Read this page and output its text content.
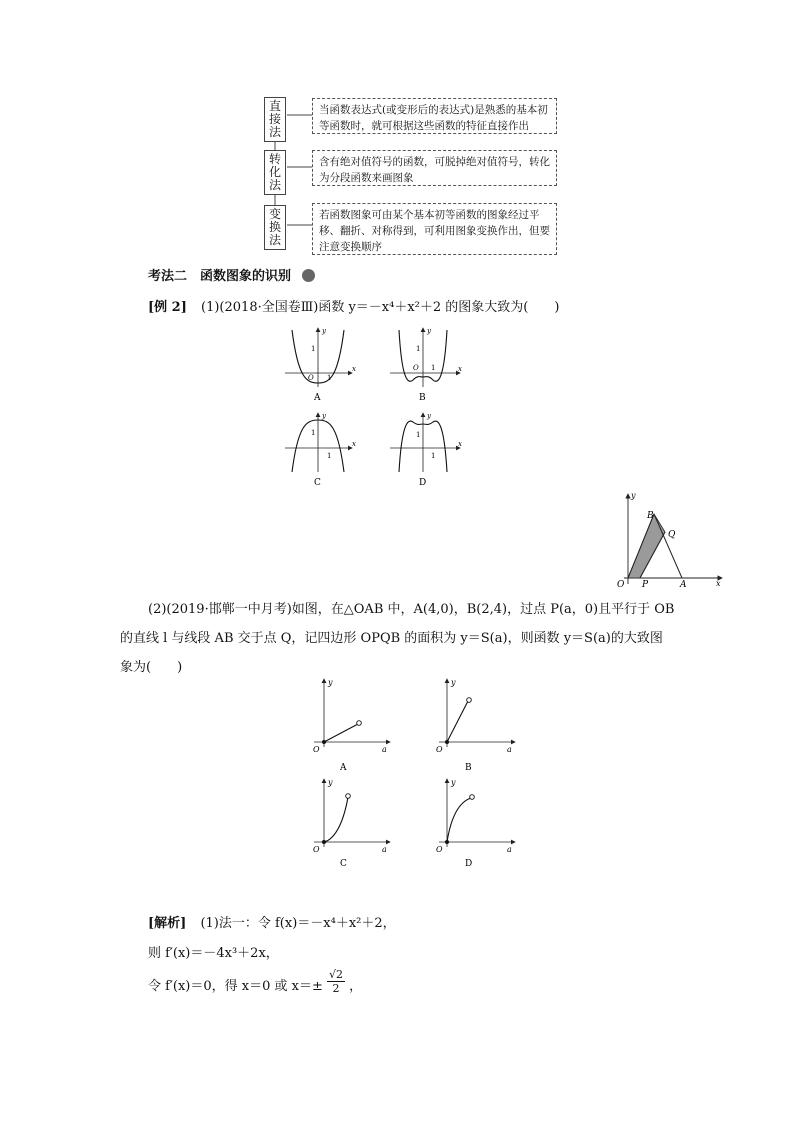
直接法
当函数表达式(或变形后的表达式)是熟悉的基本初等函数时，就可根据这些函数的特征直接作出
转化法
含有绝对值符号的函数，可脱掉绝对值符号，转化为分段函数来画图象
变换法
若函数图象可由某个基本初等函数的图象经过平移、翻折、对称得到，可利用图象变换作出，但要注意变换顺序
考法二　函数图象的识别
[例 2] (1)(2018·全国卷Ⅲ)函数 y＝－x⁴＋x²＋2 的图象大致为(　　)
y
x
1
O 1
A
y
x
1
O 1
B
y
x
1
1
C
y
x
1
1
D
y
x
B
Q
O P	A
(2)(2019·邯郸一中月考)如图，在△OAB 中，A(4,0)，B(2,4)，过点 P(a，0)且平行于 OB
的直线 l 与线段 AB 交于点 Q，记四边形 OPQB 的面积为 y＝S(a)，则函数 y＝S(a)的大致图
象为(　　)
y
a
O
A
y
a
O
B
y
a
O
C
y
a
O
D
[解析] (1)法一：令 f(x)＝－x⁴＋x²＋2，
则 f′(x)＝－4x³＋2x，
令 f′(x)＝0，得 x＝0 或 $x=\pm \frac{√2}{2}$ ，
